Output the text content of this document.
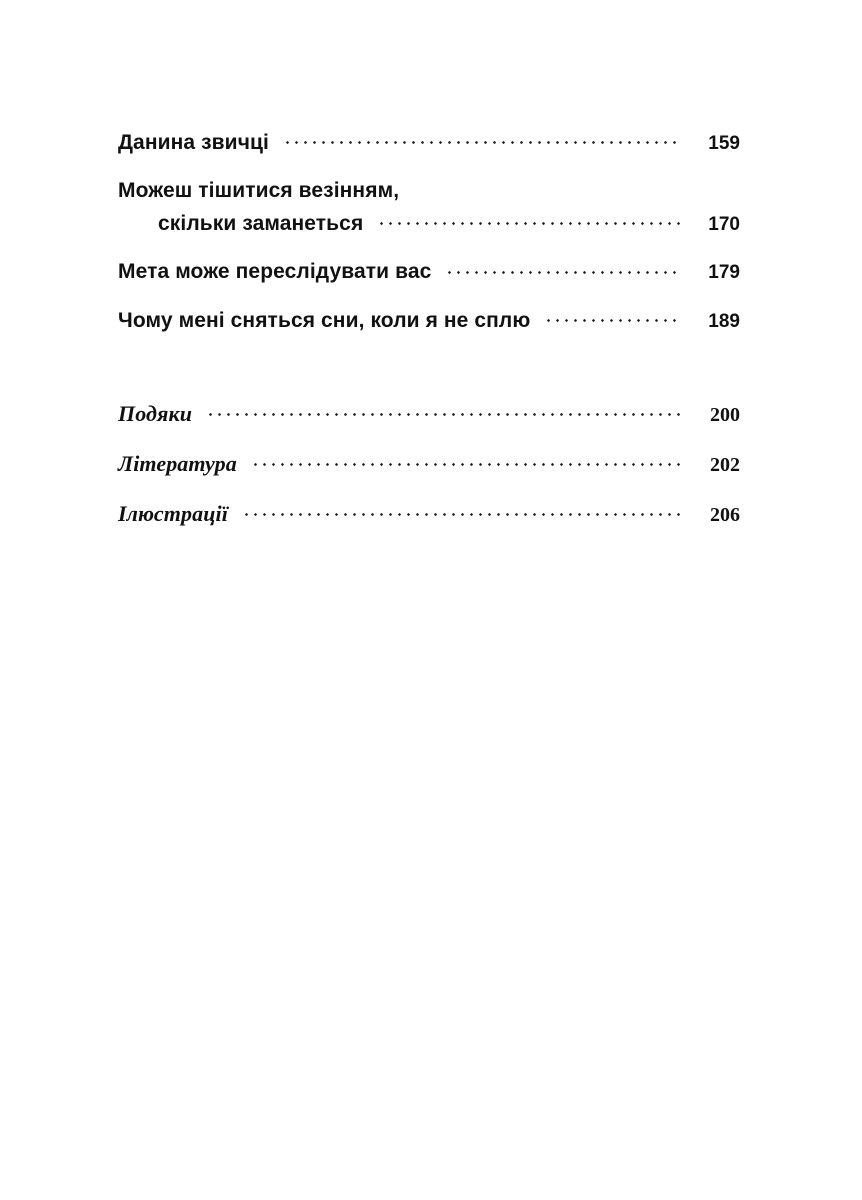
Данина звичці	159
Можеш тішитися везінням,
скільки заманеться	170
Мета може переслідувати вас	179
Чому мені сняться сни, коли я не сплю	189
Подяки	200
Література	202
Ілюстрації	206
